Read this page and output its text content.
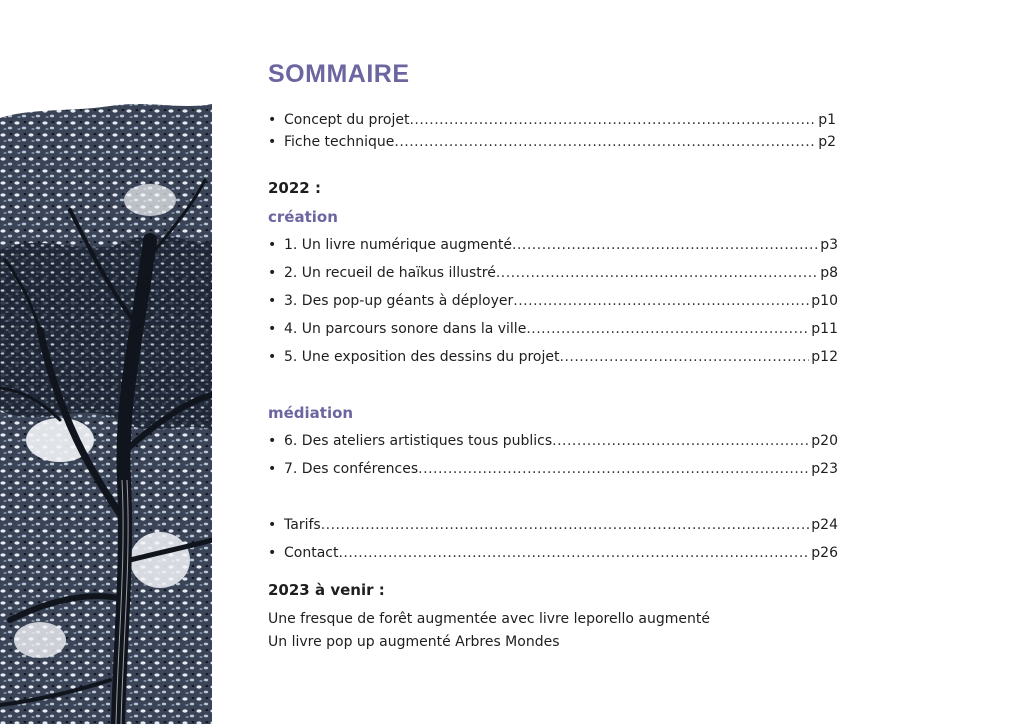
SOMMAIRE
• Concept du projet .....	p1
• Fiche technique .....	p2
2022 :
création
• 1. Un livre numérique augmenté .....	p3
• 2. Un recueil de haïkus illustré .....	p8
• 3. Des pop-up géants à déployer .....	p10
• 4. Un parcours sonore dans la ville .....	p11
• 5. Une exposition des dessins du projet .....	p12
médiation
• 6. Des ateliers artistiques tous publics .....	p20
• 7. Des conférences .....	p23
• Tarifs .....	p24
• Contact .....	p26
2023 à venir :
Une fresque de forêt augmentée avec livre leporello augmenté
Un livre pop up augmenté Arbres Mondes
